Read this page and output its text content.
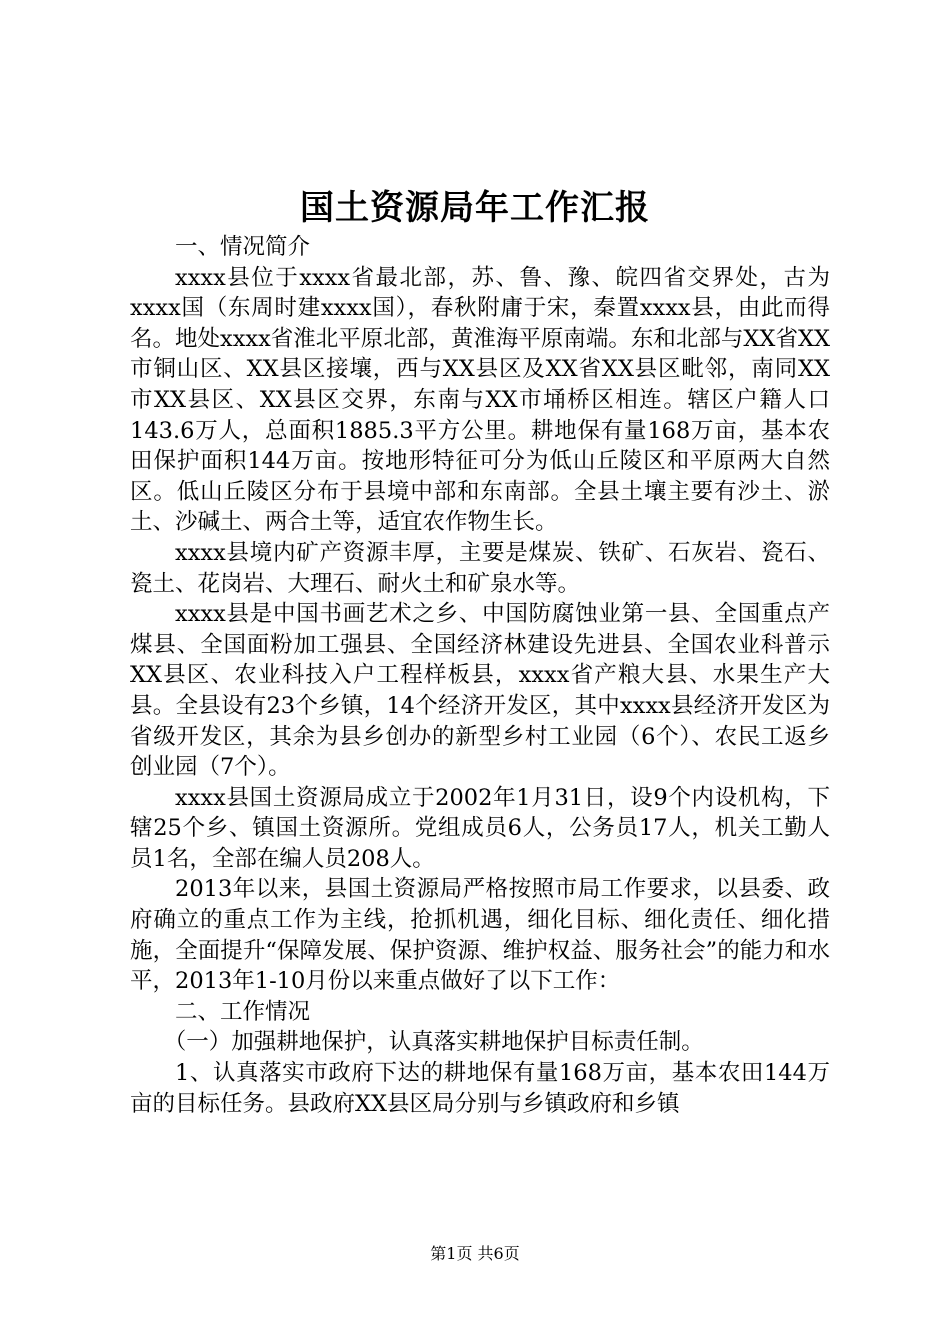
国土资源局年工作汇报

一、情况简介

xxxx县位于xxxx省最北部，苏、鲁、豫、皖四省交界处，古为xxxx国（东周时建xxxx国），春秋附庸于宋，秦置xxxx县，由此而得名。地处xxxx省淮北平原北部，黄淮海平原南端。东和北部与XX省XX市铜山区、XX县区接壤，西与XX县区及XX省XX县区毗邻，南同XX市XX县区、XX县区交界，东南与XX市埇桥区相连。辖区户籍人口143.6万人，总面积1885.3平方公里。耕地保有量168万亩，基本农田保护面积144万亩。按地形特征可分为低山丘陵区和平原两大自然区。低山丘陵区分布于县境中部和东南部。全县土壤主要有沙土、淤土、沙碱土、两合土等，适宜农作物生长。

xxxx县境内矿产资源丰厚，主要是煤炭、铁矿、石灰岩、瓷石、瓷土、花岗岩、大理石、耐火土和矿泉水等。

xxxx县是中国书画艺术之乡、中国防腐蚀业第一县、全国重点产煤县、全国面粉加工强县、全国经济林建设先进县、全国农业科普示XX县区、农业科技入户工程样板县，xxxx省产粮大县、水果生产大县。全县设有23个乡镇，14个经济开发区，其中xxxx县经济开发区为省级开发区，其余为县乡创办的新型乡村工业园（6个）、农民工返乡创业园（7个）。

xxxx县国土资源局成立于2002年1月31日，设9个内设机构，下辖25个乡、镇国土资源所。党组成员6人，公务员17人，机关工勤人员1名，全部在编人员208人。

2013年以来，县国土资源局严格按照市局工作要求，以县委、政府确立的重点工作为主线，抢抓机遇，细化目标、细化责任、细化措施，全面提升“保障发展、保护资源、维护权益、服务社会”的能力和水平，2013年1-10月份以来重点做好了以下工作：

二、工作情况

（一）加强耕地保护，认真落实耕地保护目标责任制。

1、认真落实市政府下达的耕地保有量168万亩，基本农田144万亩的目标任务。县政府XX县区局分别与乡镇政府和乡镇

第1页 共6页
